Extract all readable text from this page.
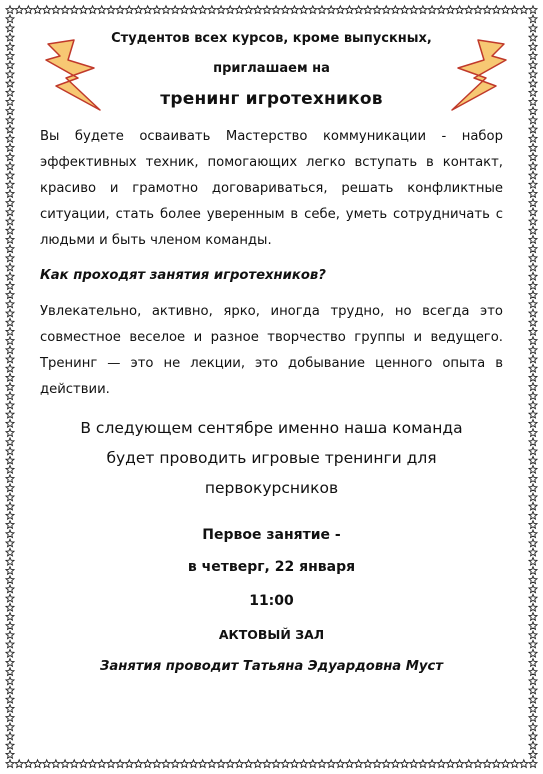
Студентов всех курсов, кроме выпускных,

приглашаем на

тренинг игротехников

Вы будете осваивать Мастерство коммуникации - набор эффективных техник, помогающих легко вступать в контакт, красиво и грамотно договариваться, решать конфликтные ситуации, стать более уверенным в себе, уметь сотрудничать с людьми и быть членом команды.

Как проходят занятия игротехников?

Увлекательно, активно, ярко, иногда трудно, но всегда это совместное веселое и разное творчество группы и ведущего. Тренинг — это не лекции, это добывание ценного опыта в действии.

В следующем сентябре именно наша команда
будет проводить игровые тренинги для
первокурсников

Первое занятие -

в четверг, 22 января

11:00

АКТОВЫЙ ЗАЛ

Занятия проводит Татьяна Эдуардовна Муст
